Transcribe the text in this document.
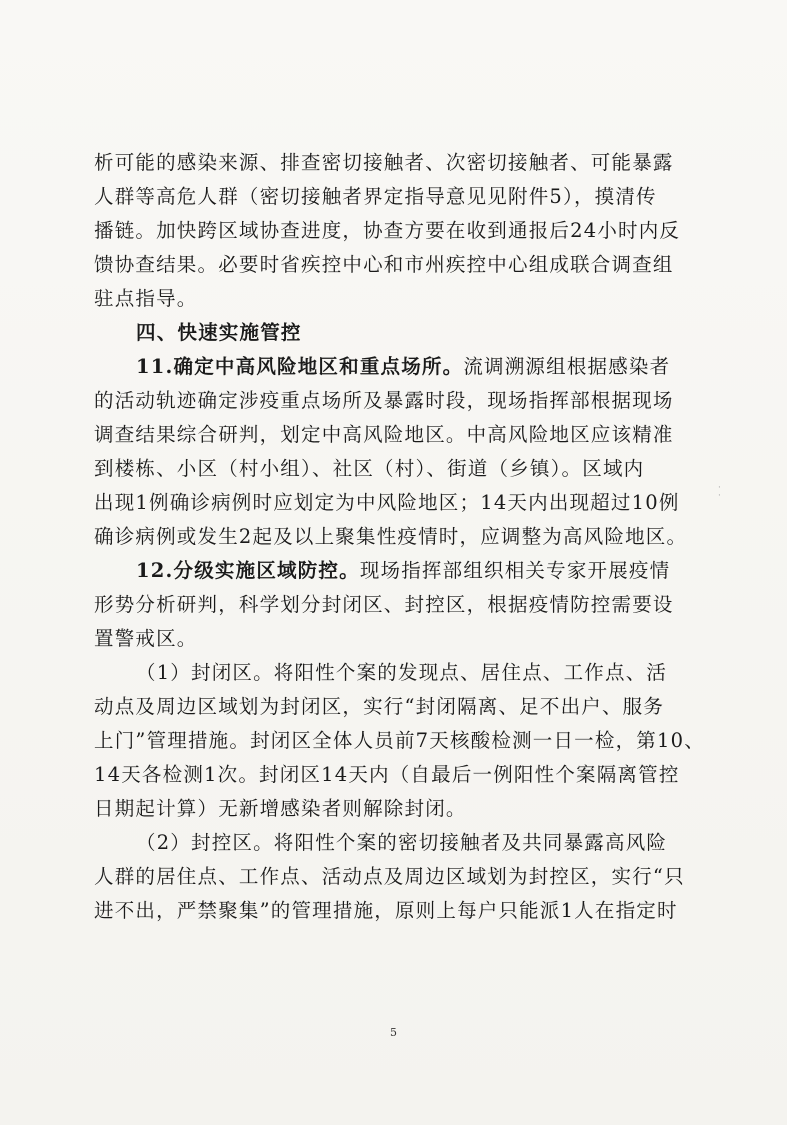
析可能的感染来源、排查密切接触者、次密切接触者、可能暴露
人群等高危人群（密切接触者界定指导意见见附件5），摸清传
播链。加快跨区域协查进度，协查方要在收到通报后24小时内反
馈协查结果。必要时省疾控中心和市州疾控中心组成联合调查组
驻点指导。
四、快速实施管控
11.确定中高风险地区和重点场所。流调溯源组根据感染者
的活动轨迹确定涉疫重点场所及暴露时段，现场指挥部根据现场
调查结果综合研判，划定中高风险地区。中高风险地区应该精准
到楼栋、小区（村小组）、社区（村）、街道（乡镇）。区域内
出现1例确诊病例时应划定为中风险地区；14天内出现超过10例
确诊病例或发生2起及以上聚集性疫情时，应调整为高风险地区。
12.分级实施区域防控。现场指挥部组织相关专家开展疫情
形势分析研判，科学划分封闭区、封控区，根据疫情防控需要设
置警戒区。
（1）封闭区。将阳性个案的发现点、居住点、工作点、活
动点及周边区域划为封闭区，实行“封闭隔离、足不出户、服务
上门”管理措施。封闭区全体人员前7天核酸检测一日一检，第10、
14天各检测1次。封闭区14天内（自最后一例阳性个案隔离管控
日期起计算）无新增感染者则解除封闭。
（2）封控区。将阳性个案的密切接触者及共同暴露高风险
人群的居住点、工作点、活动点及周边区域划为封控区，实行“只
进不出，严禁聚集”的管理措施，原则上每户只能派1人在指定时
·
·
5
